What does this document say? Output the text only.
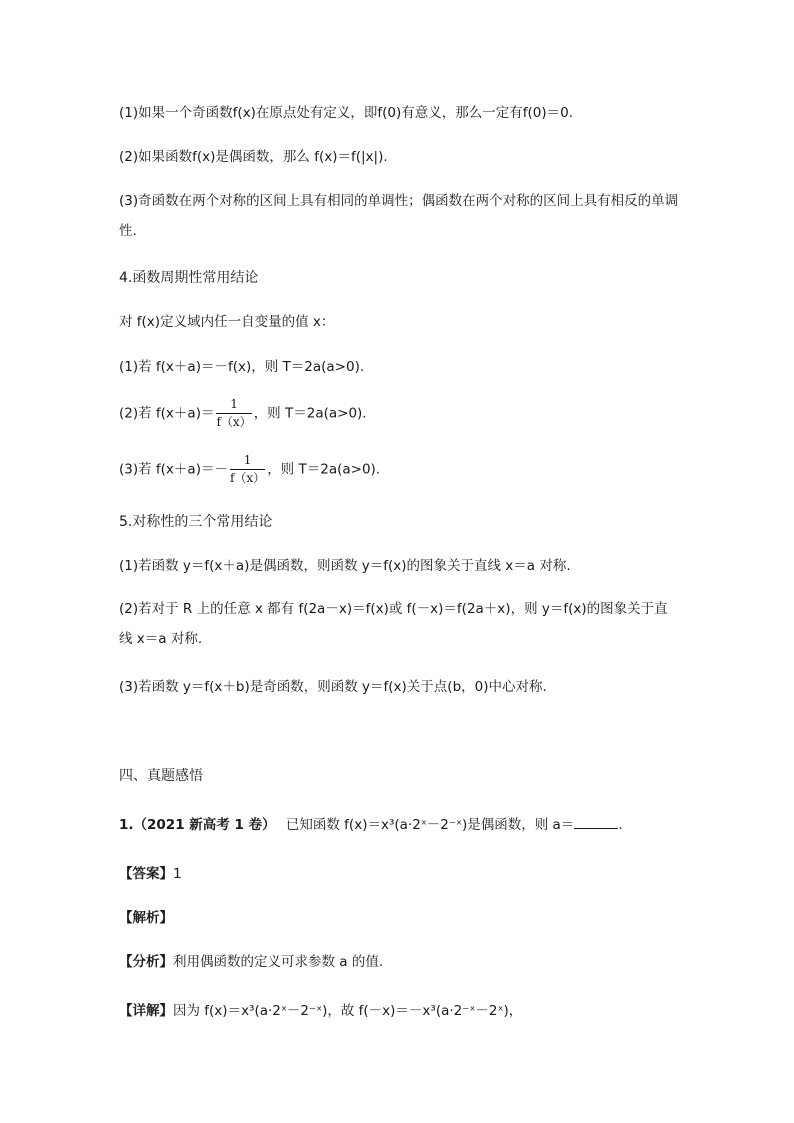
(1)如果一个奇函数f(x)在原点处有定义，即f(0)有意义，那么一定有f(0)＝0.
(2)如果函数f(x)是偶函数，那么 f(x)＝f(|x|).
(3)奇函数在两个对称的区间上具有相同的单调性；偶函数在两个对称的区间上具有相反的单调性.
4.函数周期性常用结论
对 f(x)定义域内任一自变量的值 x：
(1)若 f(x＋a)＝－f(x)，则 T＝2a(a>0).
(2)若 $f(x+a)= \frac{1}{f(x)}$ ，则 T＝2a(a>0).
(3)若 $f(x+a)=- \frac{1}{f(x)}$ ，则 T＝2a(a>0).
5.对称性的三个常用结论
(1)若函数 y＝f(x＋a)是偶函数，则函数 y＝f(x)的图象关于直线 x＝a 对称.
(2)若对于 R 上的任意 x 都有 f(2a－x)＝f(x)或 f(－x)＝f(2a＋x)，则 y＝f(x)的图象关于直线 x＝a 对称.
(3)若函数 y＝f(x＋b)是奇函数，则函数 y＝f(x)关于点(b，0)中心对称.
四、真题感悟
1.（2021 新高考 1 卷） 已知函数 f(x)＝x³(a·2ˣ－2⁻ˣ)是偶函数，则 a＝	.
【答案】1
【解析】
【分析】利用偶函数的定义可求参数 a 的值.
【详解】因为 f(x)＝x³(a·2ˣ－2⁻ˣ)，故 f(－x)＝－x³(a·2⁻ˣ－2ˣ)，
